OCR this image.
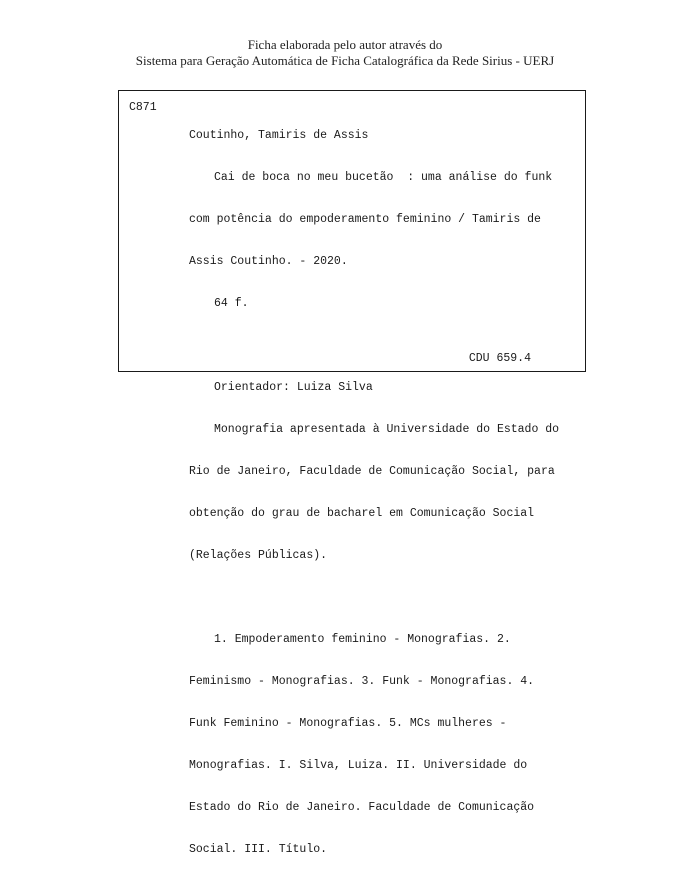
Ficha elaborada pelo autor através do
Sistema para Geração Automática de Ficha Catalográfica da Rede Sirius - UERJ
C871

Coutinho, Tamiris de Assis

Cai de boca no meu bucetão  : uma análise do funk

com potência do empoderamento feminino / Tamiris de

Assis Coutinho. - 2020.

64 f.

Orientador: Luiza Silva

Monografia apresentada à Universidade do Estado do

Rio de Janeiro, Faculdade de Comunicação Social, para

obtenção do grau de bacharel em Comunicação Social

(Relações Públicas).

1. Empoderamento feminino - Monografias. 2.

Feminismo - Monografias. 3. Funk - Monografias. 4.

Funk Feminino - Monografias. 5. MCs mulheres -

Monografias. I. Silva, Luiza. II. Universidade do

Estado do Rio de Janeiro. Faculdade de Comunicação

Social. III. Título.

CDU 659.4
